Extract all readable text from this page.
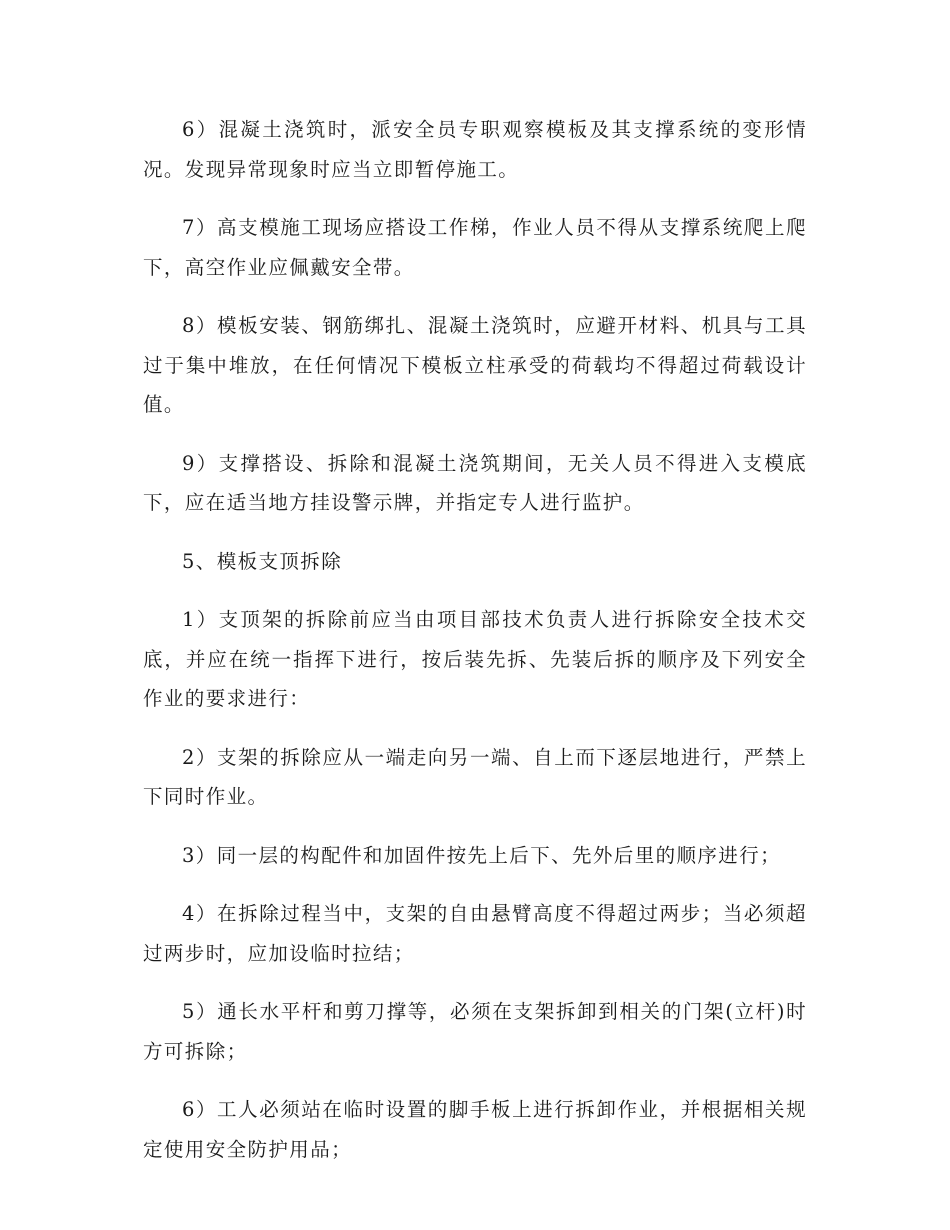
6）混凝土浇筑时，派安全员专职观察模板及其支撑系统的变形情况。发现异常现象时应当立即暂停施工。

7）高支模施工现场应搭设工作梯，作业人员不得从支撑系统爬上爬下，高空作业应佩戴安全带。

8）模板安装、钢筋绑扎、混凝土浇筑时，应避开材料、机具与工具过于集中堆放，在任何情况下模板立柱承受的荷载均不得超过荷载设计值。

9）支撑搭设、拆除和混凝土浇筑期间，无关人员不得进入支模底下，应在适当地方挂设警示牌，并指定专人进行监护。

5、模板支顶拆除

1）支顶架的拆除前应当由项目部技术负责人进行拆除安全技术交底，并应在统一指挥下进行，按后装先拆、先装后拆的顺序及下列安全作业的要求进行：

2）支架的拆除应从一端走向另一端、自上而下逐层地进行，严禁上下同时作业。

3）同一层的构配件和加固件按先上后下、先外后里的顺序进行；

4）在拆除过程当中，支架的自由悬臂高度不得超过两步；当必须超过两步时，应加设临时拉结；

5）通长水平杆和剪刀撑等，必须在支架拆卸到相关的门架(立杆)时方可拆除；

6）工人必须站在临时设置的脚手板上进行拆卸作业，并根据相关规定使用安全防护用品；
